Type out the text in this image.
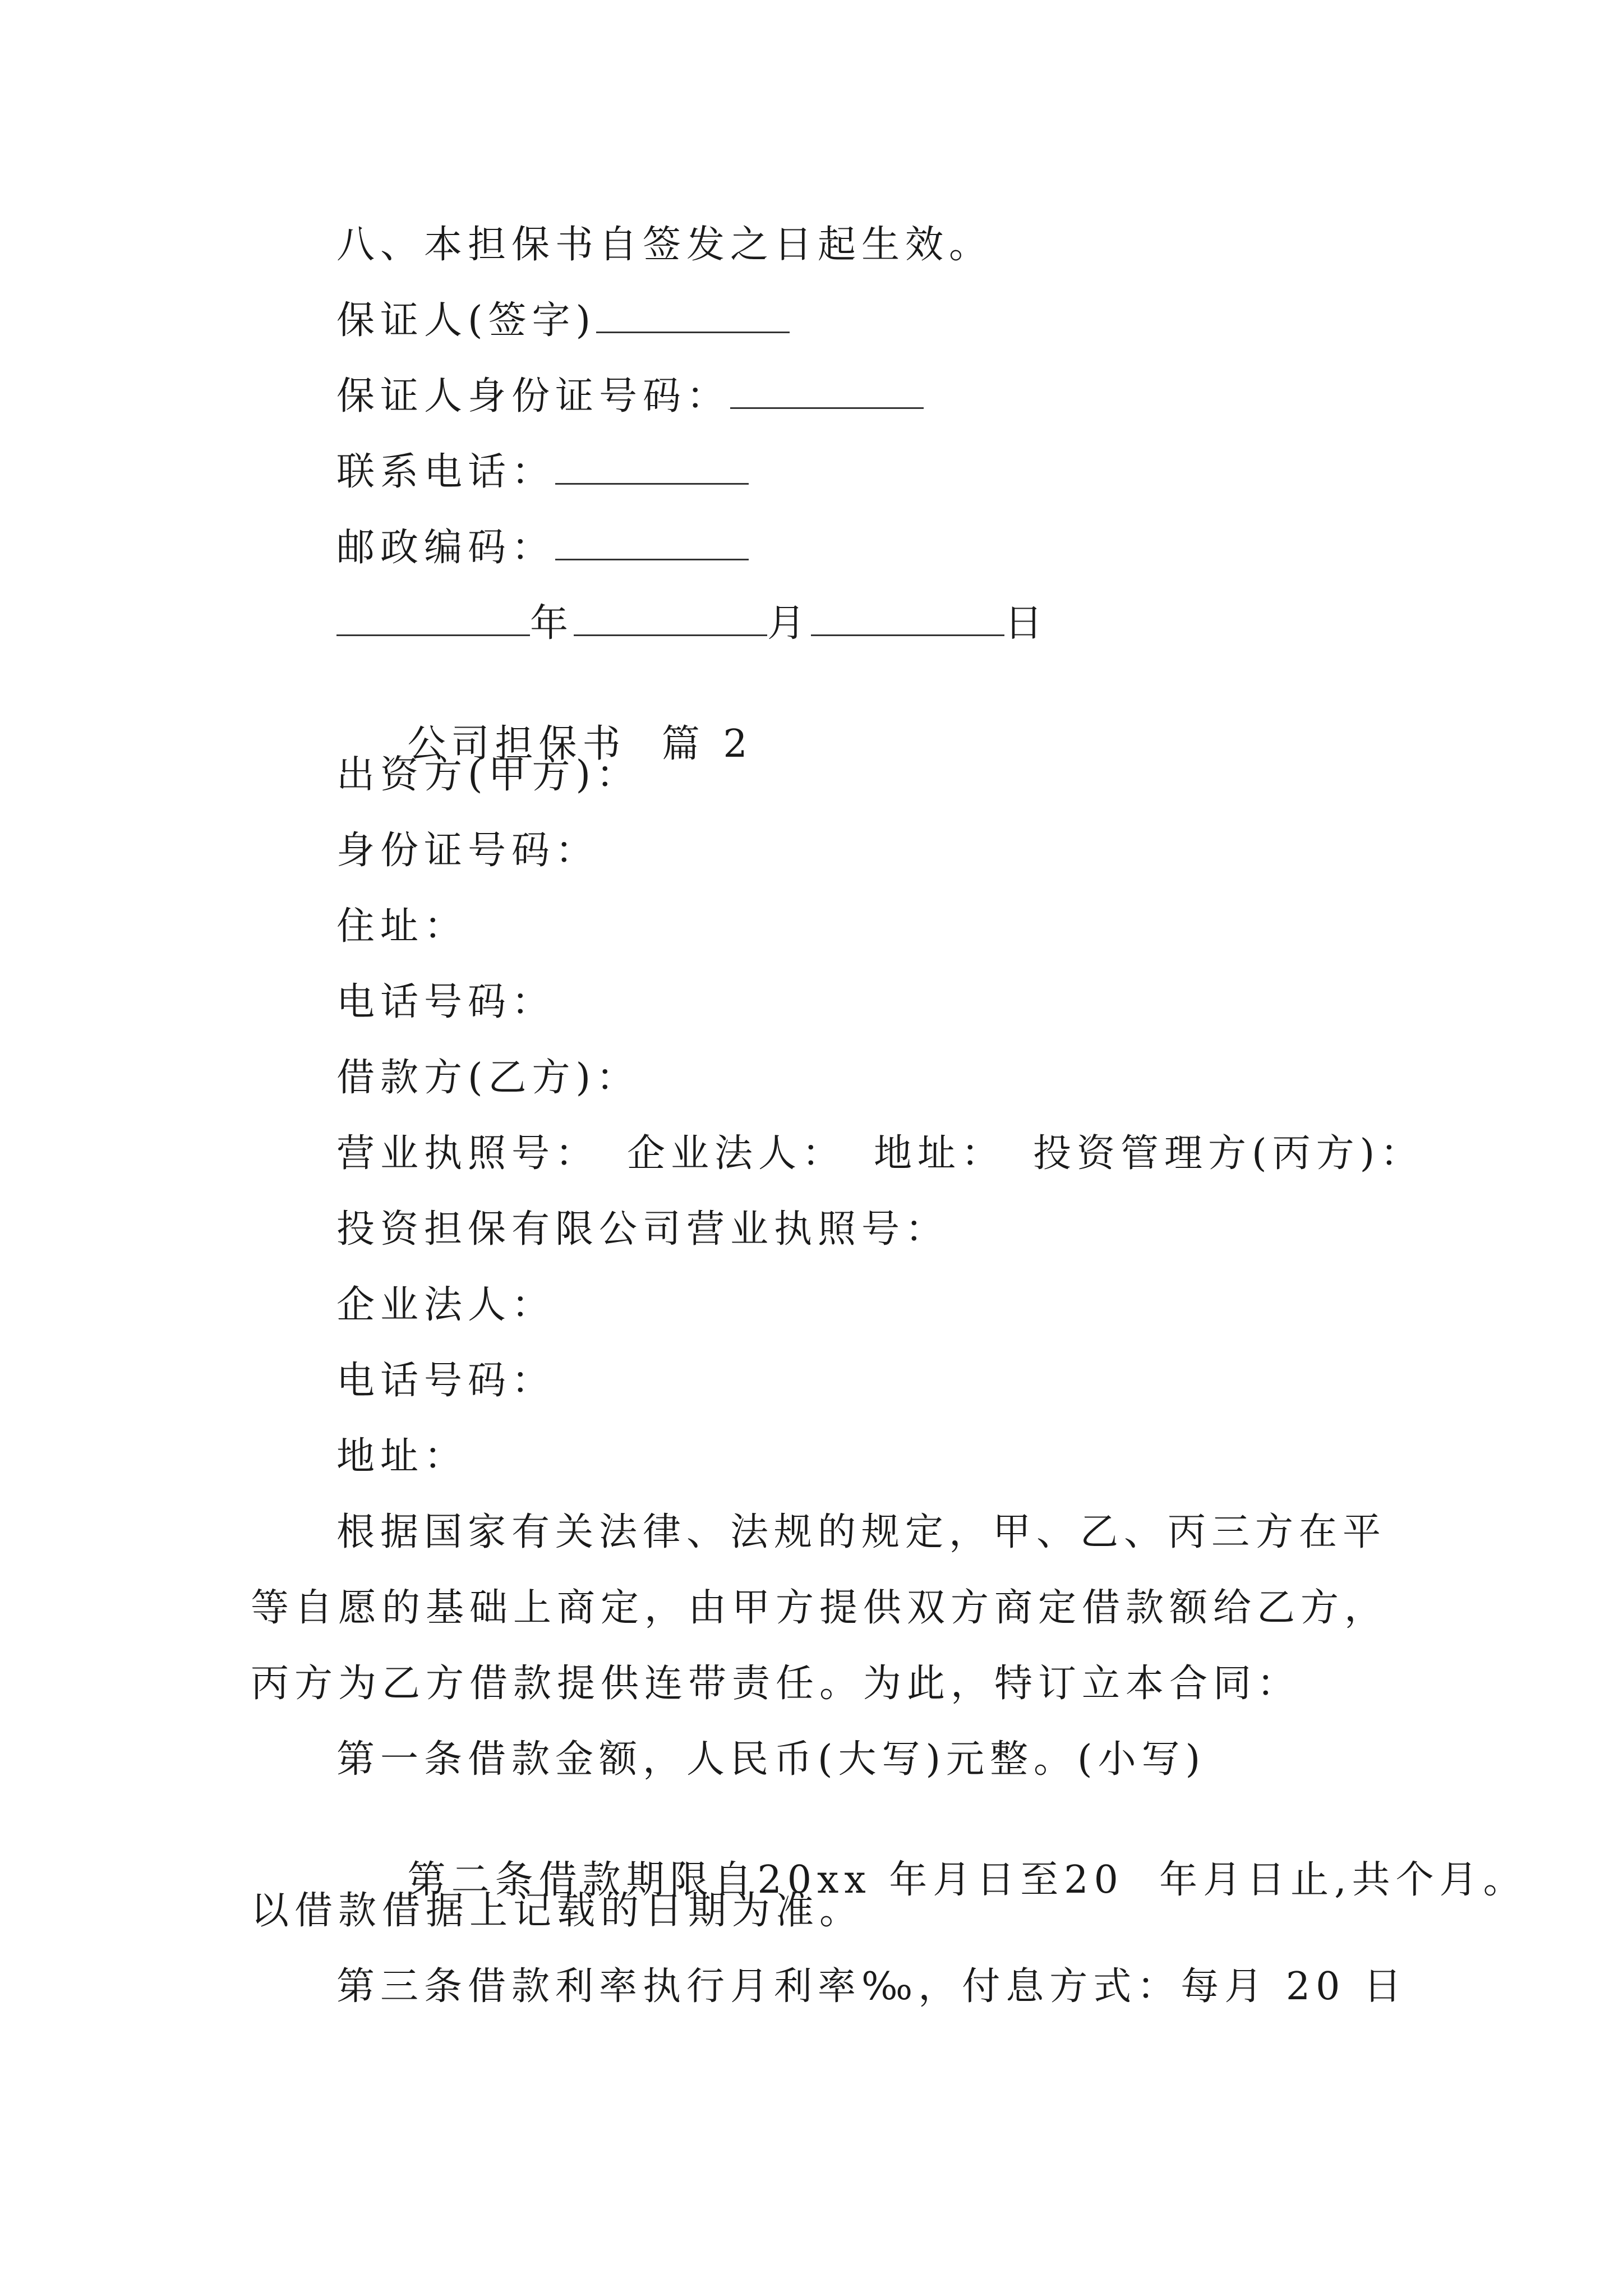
八、本担保书自签发之日起生效。
保证人(签字)
保证人身份证号码：
联系电话：
邮政编码：
年	月	日

公司担保书  篇 2

出资方(甲方)：
身份证号码：
住址：
电话号码：
借款方(乙方)：
营业执照号： 企业法人： 地址： 投资管理方(丙方)：
投资担保有限公司营业执照号：
企业法人：
电话号码：
地址：
根据国家有关法律、法规的规定，甲、乙、丙三方在平
等自愿的基础上商定，由甲方提供双方商定借款额给乙方，
丙方为乙方借款提供连带责任。为此，特订立本合同：
第一条借款金额，人民币(大写)元整。(小写)

第二条借款期限自20xx 年月日至20  年月日止,共个月。

以借款借据上记载的日期为准。
第三条借款利率执行月利率‰，付息方式：每月 20 日
